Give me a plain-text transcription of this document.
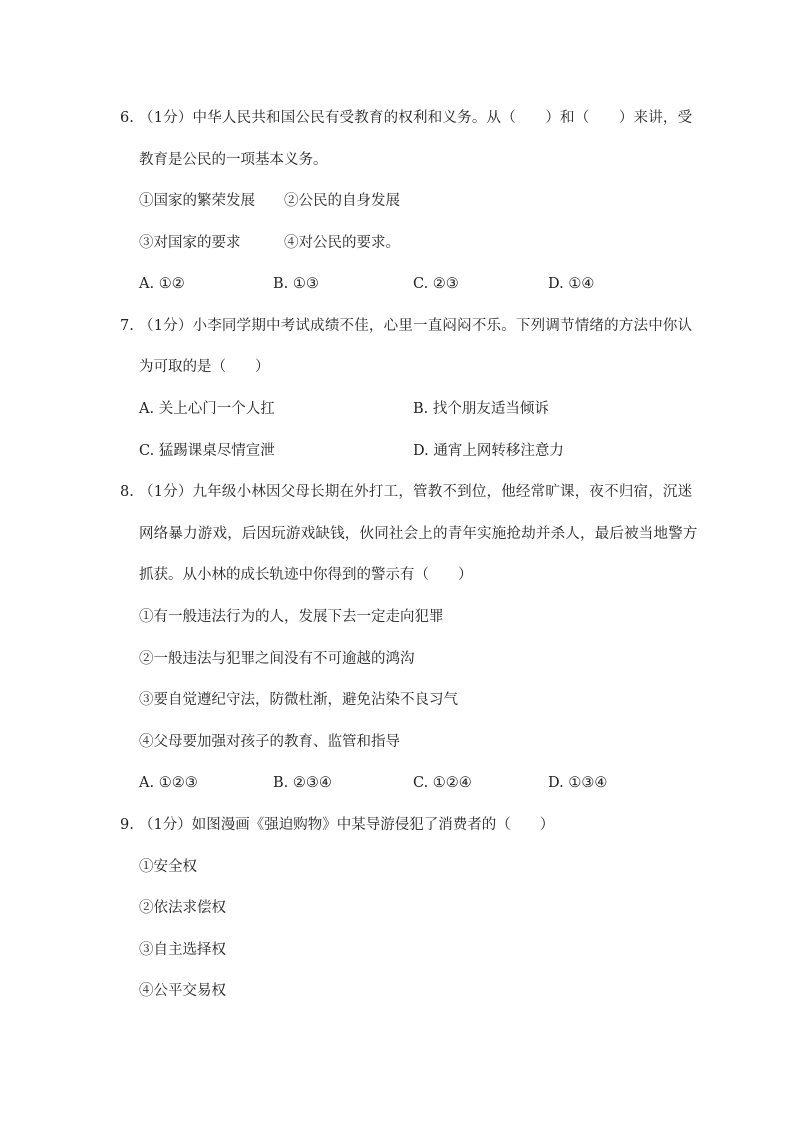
6. （1分）中华人民共和国公民有受教育的权利和义务。从（　　）和（　　）来讲，受
教育是公民的一项基本义务。
①国家的繁荣发展　　②公民的自身发展
③对国家的要求　　　④对公民的要求。
A. ①②	B. ①③	C. ②③	D. ①④
7. （1分）小李同学期中考试成绩不佳，心里一直闷闷不乐。下列调节情绪的方法中你认
为可取的是（　　）
A. 关上心门一个人扛	B. 找个朋友适当倾诉
C. 猛踢课桌尽情宣泄	D. 通宵上网转移注意力
8. （1分）九年级小林因父母长期在外打工，管教不到位，他经常旷课，夜不归宿，沉迷
网络暴力游戏，后因玩游戏缺钱，伙同社会上的青年实施抢劫并杀人，最后被当地警方
抓获。从小林的成长轨迹中你得到的警示有（　　）
①有一般违法行为的人，发展下去一定走向犯罪
②一般违法与犯罪之间没有不可逾越的鸿沟
③要自觉遵纪守法，防微杜渐，避免沾染不良习气
④父母要加强对孩子的教育、监管和指导
A. ①②③	B. ②③④	C. ①②④	D. ①③④
9. （1分）如图漫画《强迫购物》中某导游侵犯了消费者的（　　）
①安全权
②依法求偿权
③自主选择权
④公平交易权
